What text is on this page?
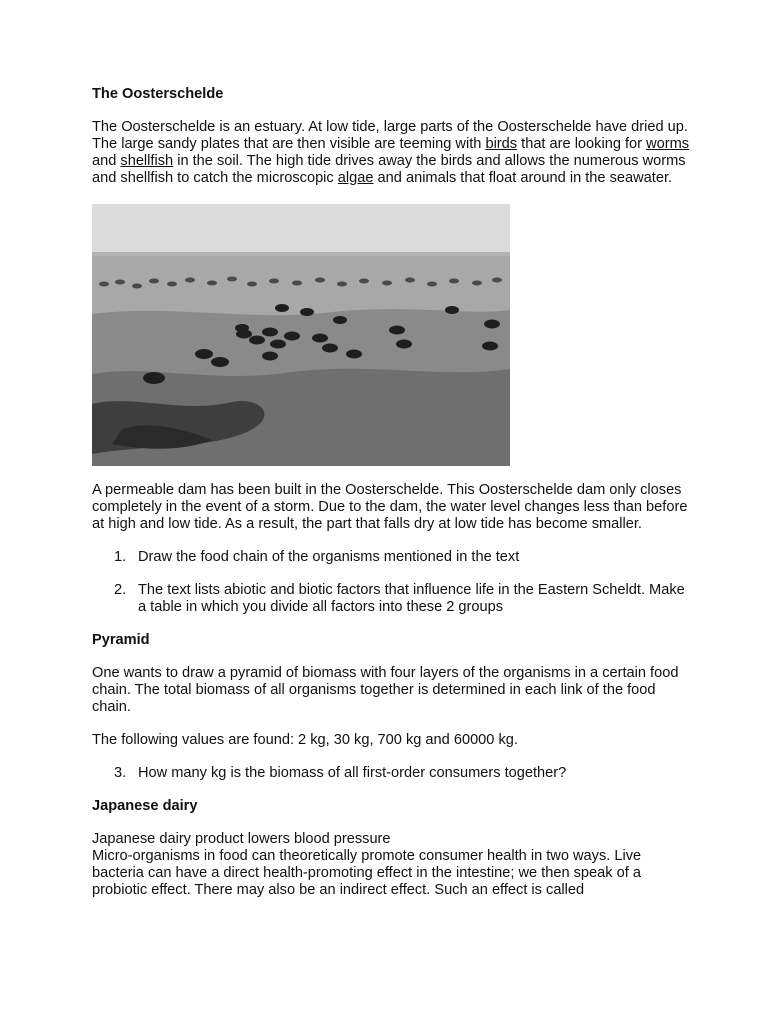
The Oosterschelde

The Oosterschelde is an estuary. At low tide, large parts of the Oosterschelde have dried up. The large sandy plates that are then visible are teeming with birds that are looking for worms and shellfish in the soil. The high tide drives away the birds and allows the numerous worms and shellfish to catch the microscopic algae and animals that float around in the seawater.

A permeable dam has been built in the Oosterschelde. This Oosterschelde dam only closes completely in the event of a storm. Due to the dam, the water level changes less than before at high and low tide. As a result, the part that falls dry at low tide has become smaller.

1. Draw the food chain of the organisms mentioned in the text
2. The text lists abiotic and biotic factors that influence life in the Eastern Scheldt. Make a table in which you divide all factors into these 2 groups
Pyramid

One wants to draw a pyramid of biomass with four layers of the organisms in a certain food chain. The total biomass of all organisms together is determined in each link of the food chain.

The following values are found: 2 kg, 30 kg, 700 kg and 60000 kg.

3. How many kg is the biomass of all first-order consumers together?
Japanese dairy

Japanese dairy product lowers blood pressure

Micro-organisms in food can theoretically promote consumer health in two ways. Live bacteria can have a direct health-promoting effect in the intestine; we then speak of a probiotic effect. There may also be an indirect effect. Such an effect is called
